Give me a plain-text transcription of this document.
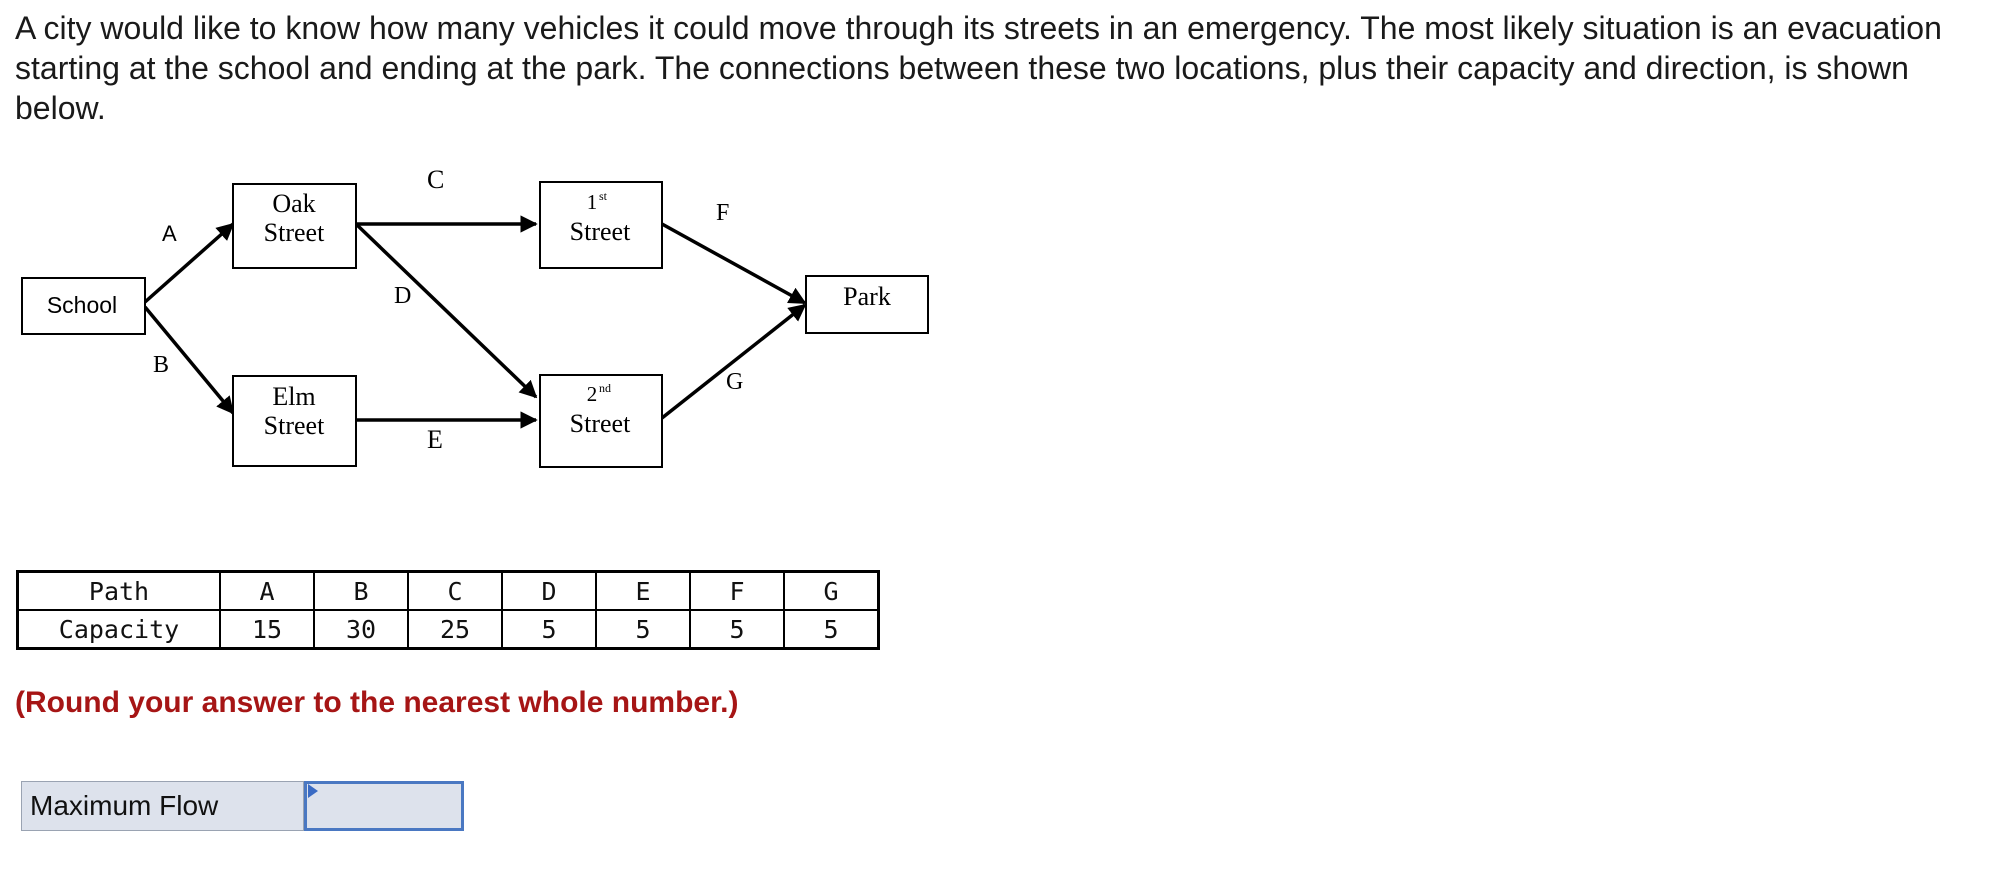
A city would like to know how many vehicles it could move through its streets in an emergency. The most likely situation is an evacuation starting at the school and ending at the park. The connections between these two locations, plus their capacity and direction, is shown below.

School
Oak
Street
Elm
Street
1 st
Street
2 nd
Street
Park
A
B
C
D
E
F
G
Path	A	B	C	D	E	F	G
Capacity	15	30	25	5	5	5	5
(Round your answer to the nearest whole number.)
Maximum Flow
